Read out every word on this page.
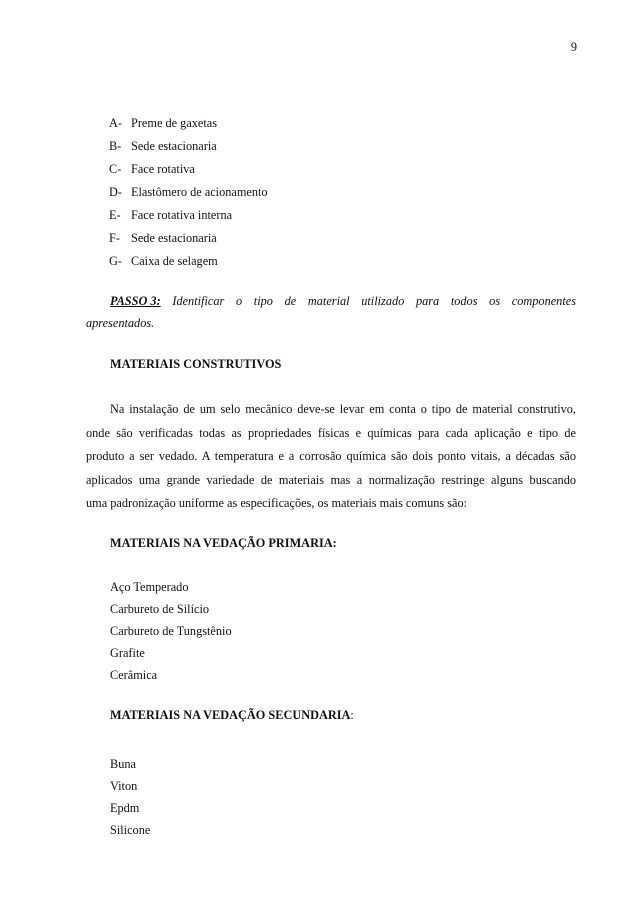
9
A- Preme de gaxetas
B- Sede estacionaria
C- Face rotativa
D- Elastômero de acionamento
E- Face rotativa interna
F- Sede estacionaria
G- Caixa de selagem
PASSO 3: Identificar o tipo de material utilizado para todos os componentes
apresentados.
MATERIAIS CONSTRUTIVOS
Na instalação de um selo mecânico deve-se levar em conta o tipo de material construtivo,
onde são verificadas todas as propriedades físicas e químicas para cada aplicação e tipo de
produto a ser vedado. A temperatura e a corrosão química são dois ponto vitais, a décadas são
aplicados uma grande variedade de materiais mas a normalização restringe alguns buscando
uma padronização uniforme as especificações, os materiais mais comuns são:
MATERIAIS NA VEDAÇÃO PRIMARIA:
Aço Temperado
Carbureto de Silício
Carbureto de Tungstênio
Grafite
Cerâmica
MATERIAIS NA VEDAÇÃO SECUNDARIA:
Buna
Viton
Epdm
Silicone
